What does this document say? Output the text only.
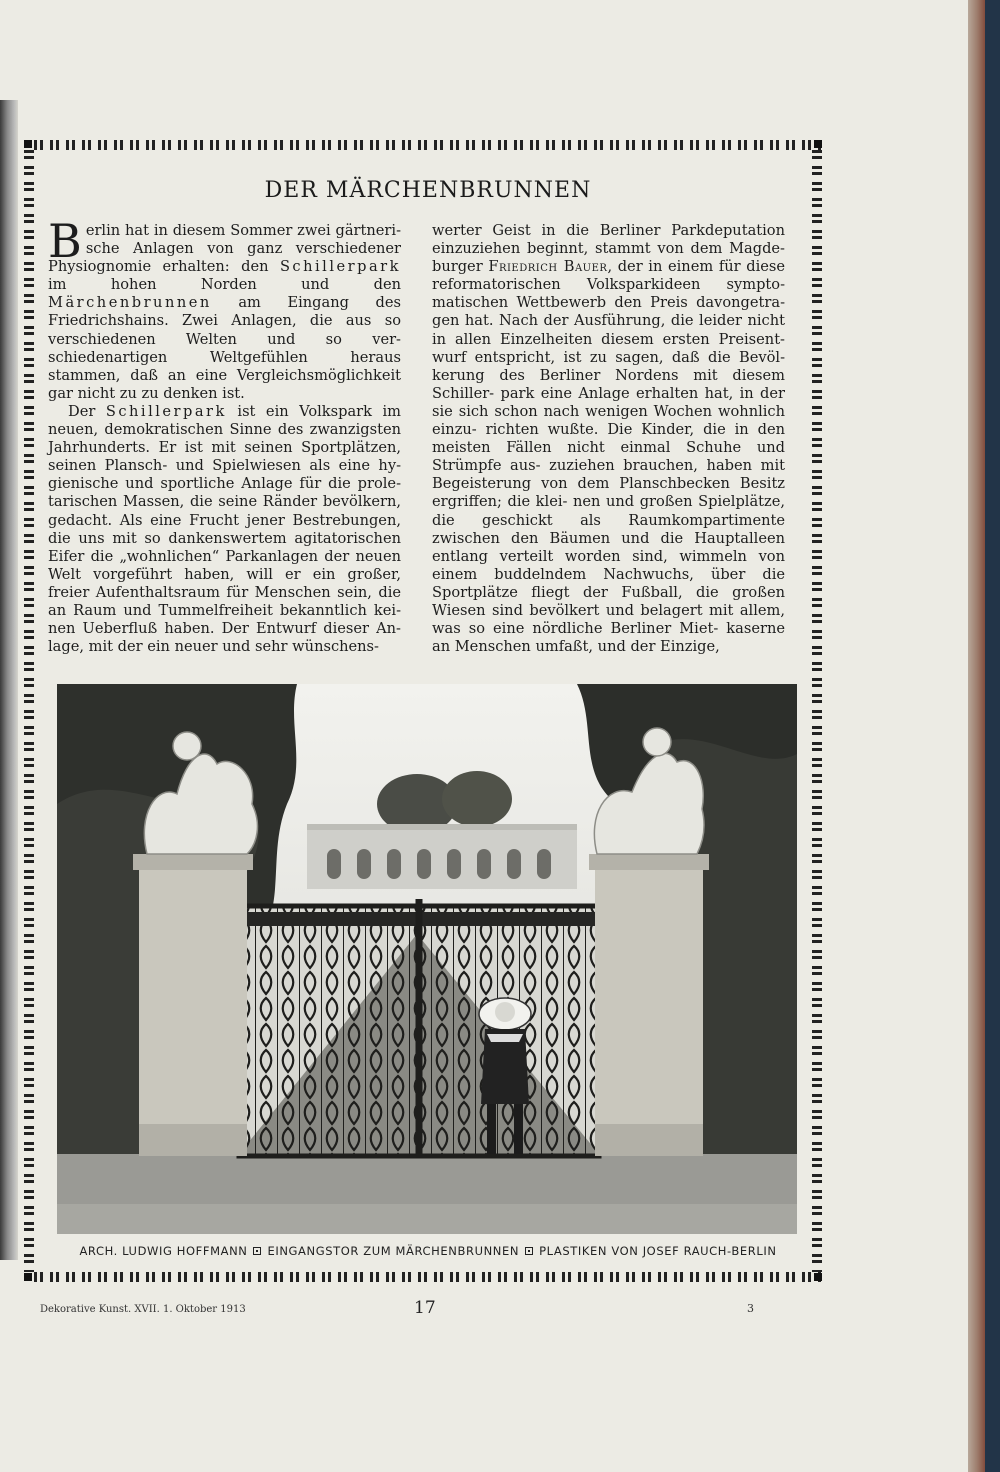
DER MÄRCHENBRUNNEN
B erlin hat in diesem Sommer zwei gärtneri- sche Anlagen von ganz verschiedener Physiognomie erhalten: den Schillerpark im hohen Norden und den Märchenbrunnen am Eingang des Friedrichshains. Zwei Anlagen, die aus so verschiedenen Welten und so ver- schiedenartigen Weltgefühlen heraus stammen, daß an eine Vergleichsmöglichkeit gar nicht zu zu denken ist.

Der Schillerpark ist ein Volkspark im neuen, demokratischen Sinne des zwanzigsten Jahrhunderts. Er ist mit seinen Sportplätzen, seinen Plansch- und Spielwiesen als eine hy- gienische und sportliche Anlage für die prole- tarischen Massen, die seine Ränder bevölkern, gedacht. Als eine Frucht jener Bestrebungen, die uns mit so dankenswertem agitatorischen Eifer die „wohnlichen“ Parkanlagen der neuen Welt vorgeführt haben, will er ein großer, freier Aufenthaltsraum für Menschen sein, die an Raum und Tummelfreiheit bekanntlich kei- nen Ueberfluß haben. Der Entwurf dieser An- lage, mit der ein neuer und sehr wünschens-

werter Geist in die Berliner Parkdeputation einzuziehen beginnt, stammt von dem Magde- burger Friedrich Bauer, der in einem für diese reformatorischen Volksparkideen sympto- matischen Wettbewerb den Preis davongetra- gen hat. Nach der Ausführung, die leider nicht in allen Einzelheiten diesem ersten Preisent- wurf entspricht, ist zu sagen, daß die Bevöl- kerung des Berliner Nordens mit diesem Schiller- park eine Anlage erhalten hat, in der sie sich schon nach wenigen Wochen wohnlich einzu- richten wußte. Die Kinder, die in den meisten Fällen nicht einmal Schuhe und Strümpfe aus- zuziehen brauchen, haben mit Begeisterung von dem Planschbecken Besitz ergriffen; die klei- nen und großen Spielplätze, die geschickt als Raumkompartimente zwischen den Bäumen und die Hauptalleen entlang verteilt worden sind, wimmeln von einem buddelndem Nachwuchs, über die Sportplätze fliegt der Fußball, die großen Wiesen sind bevölkert und belagert mit allem, was so eine nördliche Berliner Miet- kaserne an Menschen umfaßt, und der Einzige,

ARCH. LUDWIG HOFFMANN EINGANGSTOR ZUM MÄRCHENBRUNNEN PLASTIKEN VON JOSEF RAUCH-BERLIN
Dekorative Kunst. XVII. 1. Oktober 1913	17	3
